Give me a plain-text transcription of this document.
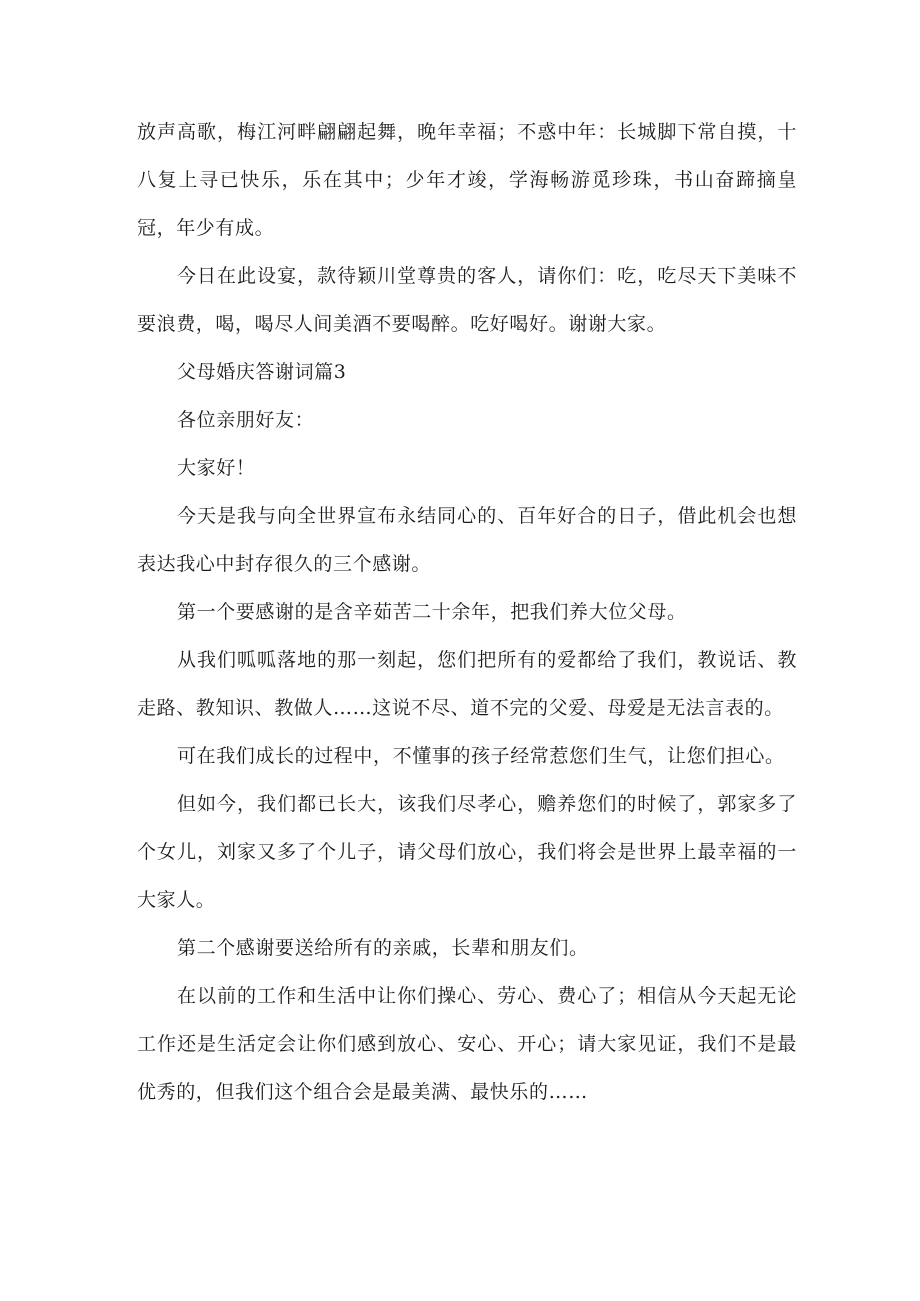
放声高歌，梅江河畔翩翩起舞，晚年幸福；不惑中年：长城脚下常自摸，十八复上寻已快乐，乐在其中；少年才竣，学海畅游觅珍珠，书山奋蹄摘皇冠，年少有成。

今日在此设宴，款待颖川堂尊贵的客人，请你们：吃，吃尽天下美味不要浪费，喝，喝尽人间美酒不要喝醉。吃好喝好。谢谢大家。

父母婚庆答谢词篇3

各位亲朋好友：

大家好！

今天是我与向全世界宣布永结同心的、百年好合的日子，借此机会也想表达我心中封存很久的三个感谢。

第一个要感谢的是含辛茹苦二十余年，把我们养大位父母。

从我们呱呱落地的那一刻起，您们把所有的爱都给了我们，教说话、教走路、教知识、教做人……这说不尽、道不完的父爱、母爱是无法言表的。

可在我们成长的过程中，不懂事的孩子经常惹您们生气，让您们担心。

但如今，我们都已长大，该我们尽孝心，赡养您们的时候了，郭家多了个女儿，刘家又多了个儿子，请父母们放心，我们将会是世界上最幸福的一大家人。

第二个感谢要送给所有的亲戚，长辈和朋友们。

在以前的工作和生活中让你们操心、劳心、费心了；相信从今天起无论工作还是生活定会让你们感到放心、安心、开心；请大家见证，我们不是最优秀的，但我们这个组合会是最美满、最快乐的……
